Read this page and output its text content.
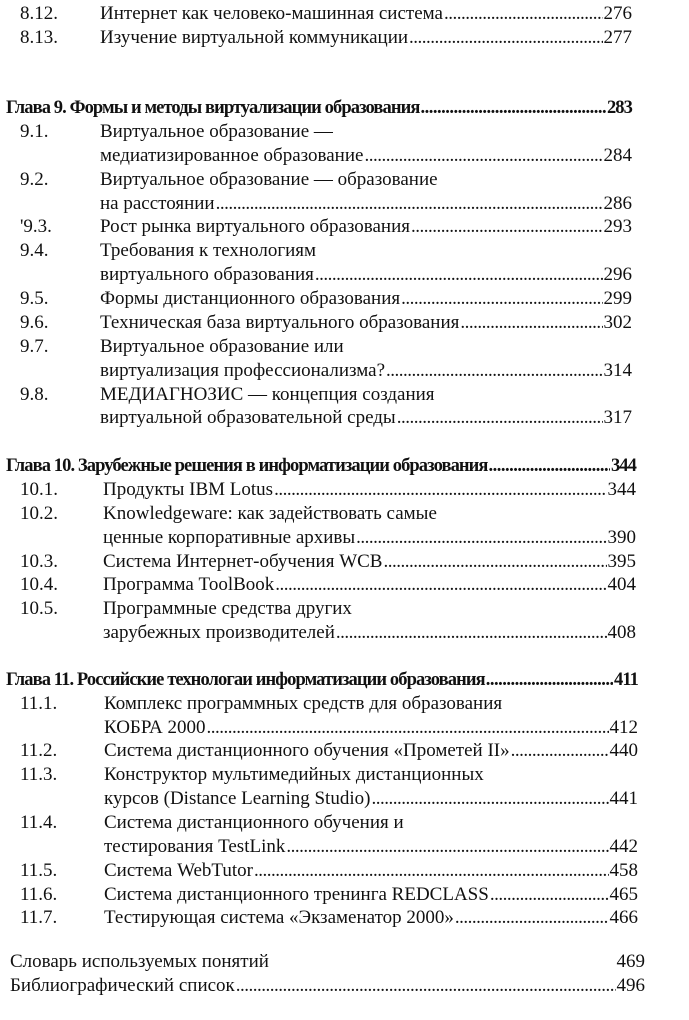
8.12. Интернет как человеко-машинная система .....	276
8.13. Изучение виртуальной коммуникации .....	277
Глава 9. Формы и методы виртуализации образования .....	283
9.1.	Виртуальное образование —
медиатизированное образование .....	284
9.2.	Виртуальное образование — образование
на расстоянии .....	286
'9.3.	Рост рынка виртуального образования .....	293
9.4.	Требования к технологиям
виртуального образования .....	296
9.5.	Формы дистанционного образования .....	299
9.6.	Техническая база виртуального образования .....	302
9.7.	Виртуальное образование или
виртуализация профессионализма? .....	314
9.8.	МЕДИАГНОЗИС — концепция создания
виртуальной образовательной среды .....	317
Глава 10. Зарубежные решения в информатизации образования .....	344
10.1. Продукты IBM Lotus .....	344
10.2. Knowledgeware: как задействовать самые
ценные корпоративные архивы .....	390
10.3. Система Интернет-обучения WCB .....	395
10.4. Программа ToolBook .....	404
10.5. Программные средства других
зарубежных производителей .....	408
Глава 11. Российские технологаи информатизации образования .....	411
11.1. Комплекс программных средств для образования
КОБРА 2000 .....	412
11.2. Система дистанционного обучения «Прометей II» .....	440
11.3. Конструктор мультимедийных дистанционных
курсов (Distance Learning Studio) .....	441
11.4. Система дистанционного обучения и
тестирования TestLink .....	442
11.5. Система WebTutor .....	458
11.6. Система дистанционного тренинга REDCLASS .....	465
11.7. Тестирующая система «Экзаменатор 2000» .....	466
Словарь используемых понятий	469
Библиографический список .....	496
